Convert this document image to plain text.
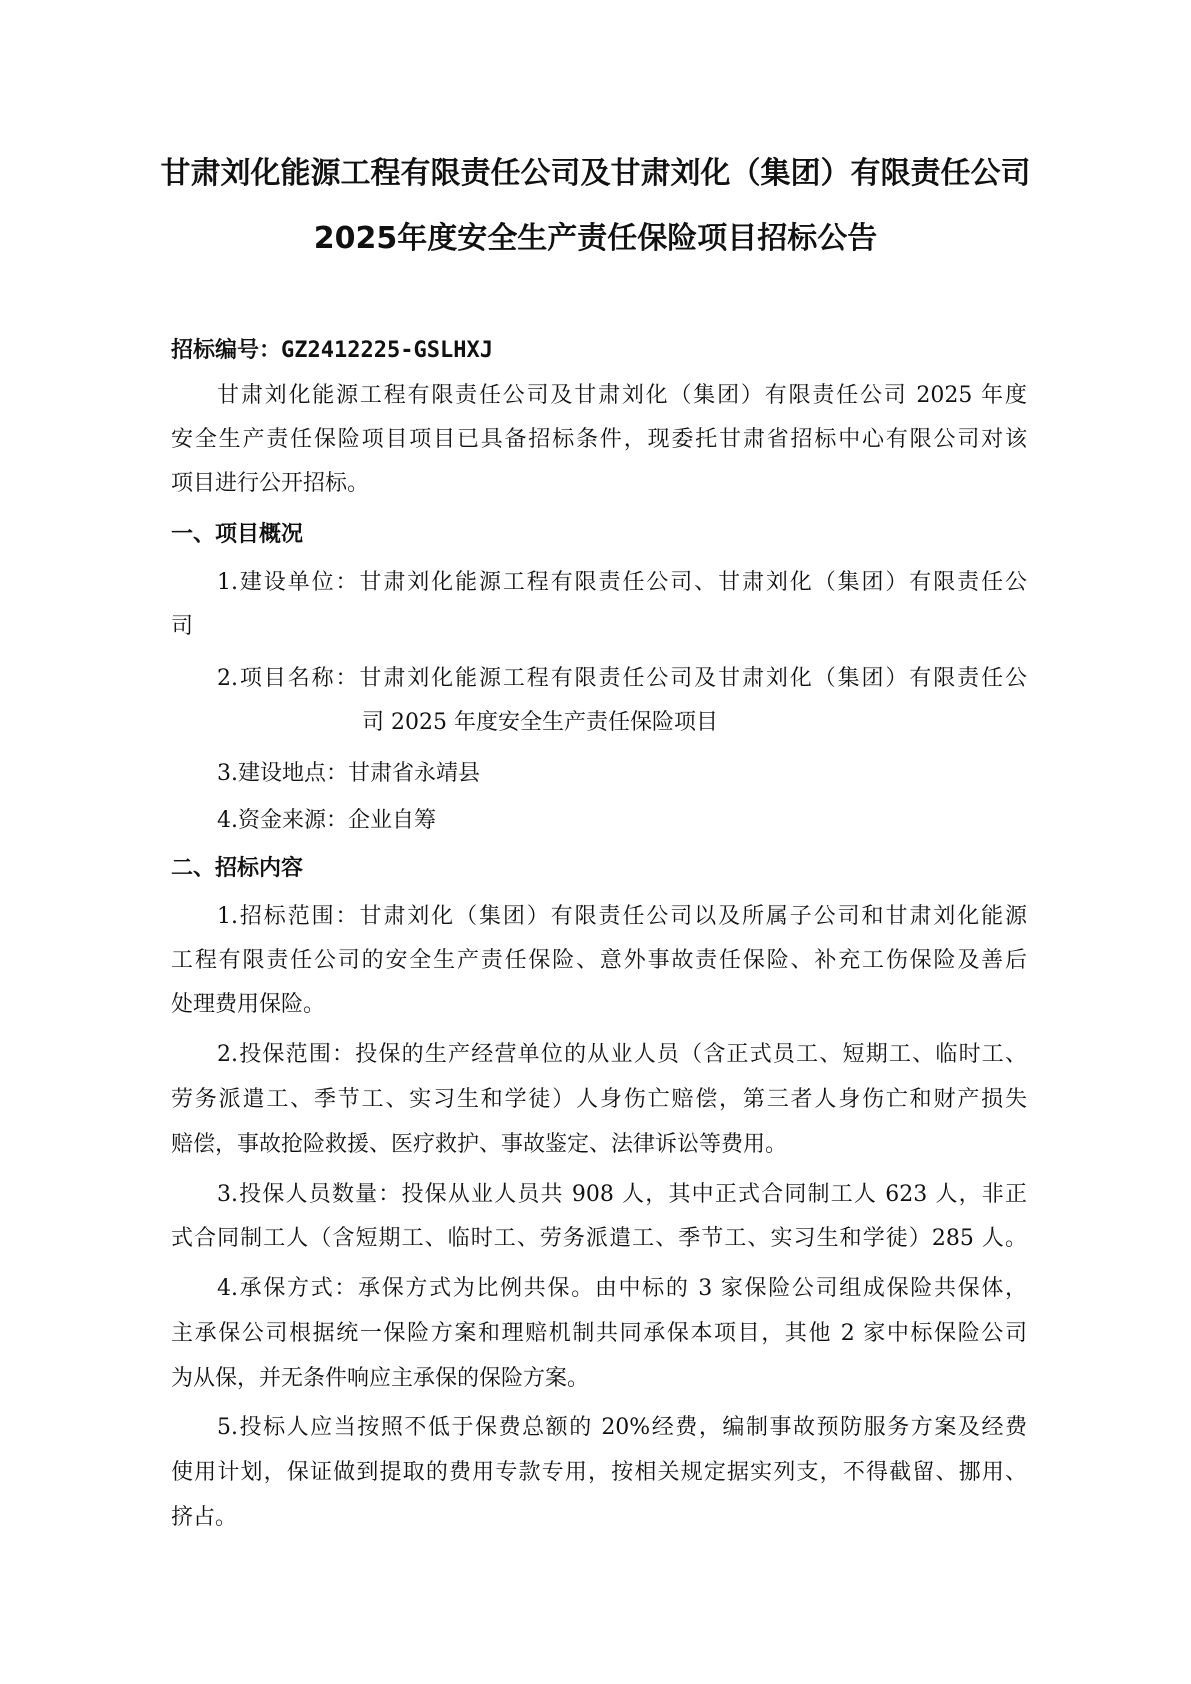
甘肃刘化能源工程有限责任公司及甘肃刘化（集团）有限责任公司
2025年度安全生产责任保险项目招标公告
招标编号：GZ2412225-GSLHXJ
甘肃刘化能源工程有限责任公司及甘肃刘化（集团）有限责任公司 2025 年度
安全生产责任保险项目项目已具备招标条件，现委托甘肃省招标中心有限公司对该
项目进行公开招标。
一、项目概况
1.建设单位：甘肃刘化能源工程有限责任公司、甘肃刘化（集团）有限责任公
司
2.项目名称：甘肃刘化能源工程有限责任公司及甘肃刘化（集团）有限责任公
司 2025 年度安全生产责任保险项目
3.建设地点：甘肃省永靖县
4.资金来源：企业自筹
二、招标内容
1.招标范围：甘肃刘化（集团）有限责任公司以及所属子公司和甘肃刘化能源
工程有限责任公司的安全生产责任保险、意外事故责任保险、补充工伤保险及善后
处理费用保险。
2.投保范围：投保的生产经营单位的从业人员（含正式员工、短期工、临时工、
劳务派遣工、季节工、实习生和学徒）人身伤亡赔偿，第三者人身伤亡和财产损失
赔偿，事故抢险救援、医疗救护、事故鉴定、法律诉讼等费用。
3.投保人员数量：投保从业人员共 908 人，其中正式合同制工人 623 人，非正
式合同制工人（含短期工、临时工、劳务派遣工、季节工、实习生和学徒）285 人。
4.承保方式：承保方式为比例共保。由中标的 3 家保险公司组成保险共保体，
主承保公司根据统一保险方案和理赔机制共同承保本项目，其他 2 家中标保险公司
为从保，并无条件响应主承保的保险方案。
5.投标人应当按照不低于保费总额的 20%经费，编制事故预防服务方案及经费
使用计划，保证做到提取的费用专款专用，按相关规定据实列支，不得截留、挪用、
挤占。
